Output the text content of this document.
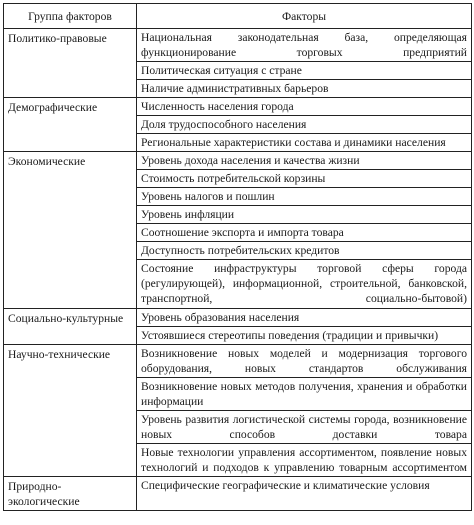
Группа факторов	Факторы
Политико-правовые	Национальная законодательная база, определяющая функционирование торговых предприятий

	Политическая ситуация с стране
	Наличие административных барьеров
Демографические	Численность населения города
	Доля трудоспособного населения
	Региональные характеристики состава и динамики населения
Экономические	Уровень дохода населения и качества жизни
	Стоимость потребительской корзины
	Уровень налогов и пошлин
	Уровень инфляции
	Соотношение экспорта и импорта товара
	Доступность потребительских кредитов

	Состояние инфраструктуры торговой сферы города (регулирующей), информационной, строительной, банковской, транспортной, социально-бытовой)

Социально-культурные	Уровень образования населения
	Устоявшиеся стереотипы поведения (традиции и привычки)
Научно-технические	Возникновение новых моделей и модернизация торгового оборудования, новых стандартов обслуживания

	Возникновение новых методов получения, хранения и обработки информации

	Уровень развития логистической системы города, возникновение новых способов доставки товара

	Новые технологии управления ассортиментом, появление новых технологий и подходов к управлению товарным ассортиментом

Природно-экологические	Специфические географические и климатические условия
